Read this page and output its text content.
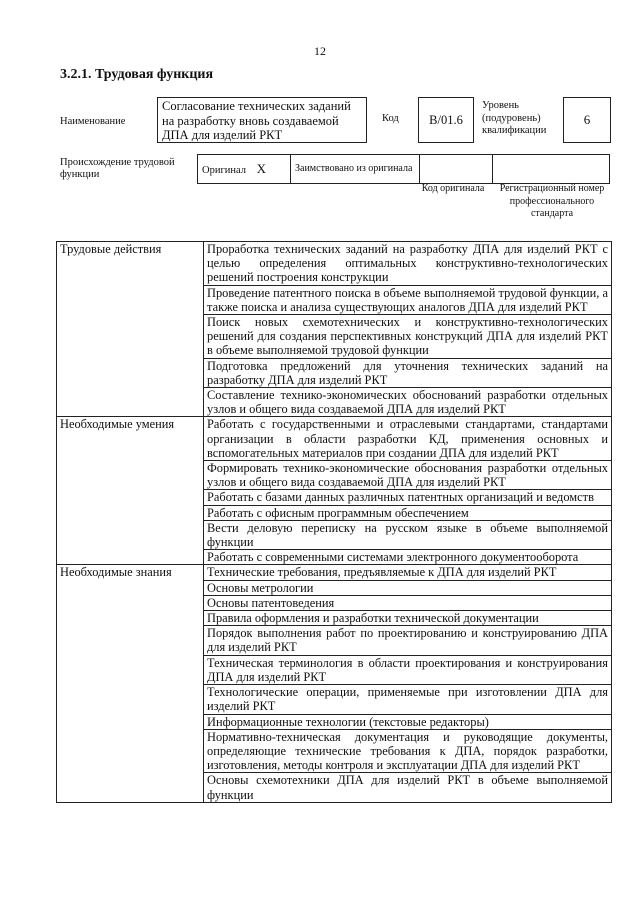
12
3.2.1. Трудовая функция
Наименование
Согласование технических заданий на разработку вновь создаваемой ДПА для изделий РКТ
Код	В/01.6
Уровень (подуровень) квалификации
6
Происхождение трудовой функции	Оригинал Х	Заимствовано из оригинала		
Код оригинала	Регистрационный номер профессионального стандарта
Трудовые действия	Проработка технических заданий на разработку ДПА для изделий РКТ с целью определения оптимальных конструктивно-технологических решений построения конструкции
	Проведение патентного поиска в объеме выполняемой трудовой функции, а также поиска и анализа существующих аналогов ДПА для изделий РКТ
	Поиск новых схемотехнических и конструктивно-технологических решений для создания перспективных конструкций ДПА для изделий РКТ в объеме выполняемой трудовой функции
	Подготовка предложений для уточнения технических заданий на разработку ДПА для изделий РКТ
	Составление технико-экономических обоснований разработки отдельных узлов и общего вида создаваемой ДПА для изделий РКТ
Необходимые умения	Работать с государственными и отраслевыми стандартами, стандартами организации в области разработки КД, применения основных и вспомогательных материалов при создании ДПА для изделий РКТ
	Формировать технико-экономические обоснования разработки отдельных узлов и общего вида создаваемой ДПА для изделий РКТ
	Работать с базами данных различных патентных организаций и ведомств
	Работать с офисным программным обеспечением
	Вести деловую переписку на русском языке в объеме выполняемой функции
	Работать с современными системами электронного документооборота
Необходимые знания	Технические требования, предъявляемые к ДПА для изделий РКТ
	Основы метрологии
	Основы патентоведения
	Правила оформления и разработки технической документации
	Порядок выполнения работ по проектированию и конструированию ДПА для изделий РКТ
	Техническая терминология в области проектирования и конструирования ДПА для изделий РКТ
	Технологические операции, применяемые при изготовлении ДПА для изделий РКТ
	Информационные технологии (текстовые редакторы)
	Нормативно-техническая документация и руководящие документы, определяющие технические требования к ДПА, порядок разработки, изготовления, методы контроля и эксплуатации ДПА для изделий РКТ
	Основы схемотехники ДПА для изделий РКТ в объеме выполняемой функции
